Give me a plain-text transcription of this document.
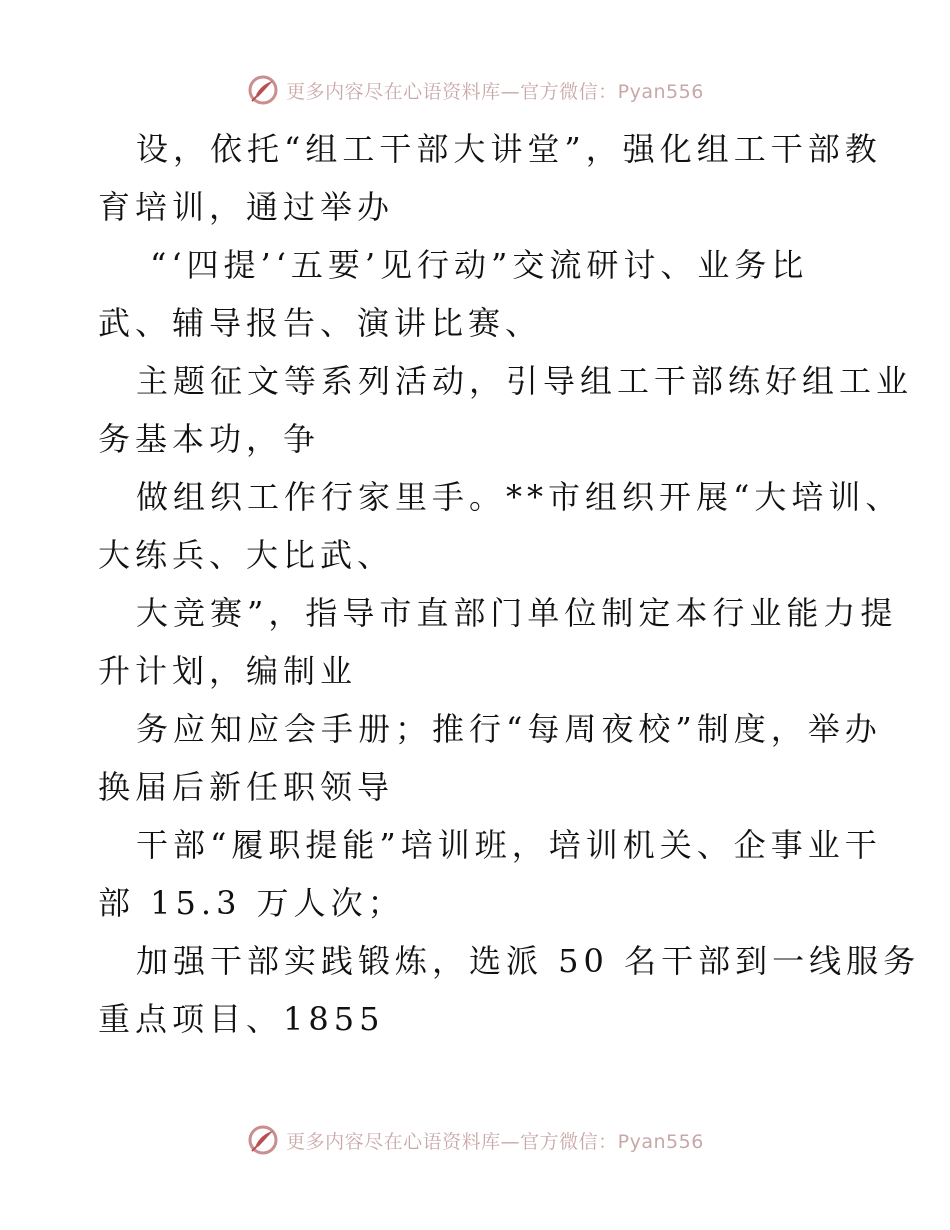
更多内容尽在心语资料库—官方微信：Pyan556
设，依托“组工干部大讲堂”，强化组工干部教
育培训，通过举办
“‘四提’‘五要’见行动”交流研讨、业务比
武、辅导报告、演讲比赛、
主题征文等系列活动，引导组工干部练好组工业
务基本功，争
做组织工作行家里手。**市组织开展“大培训、
大练兵、大比武、
大竞赛”，指导市直部门单位制定本行业能力提
升计划，编制业
务应知应会手册；推行“每周夜校”制度，举办
换届后新任职领导
干部“履职提能”培训班，培训机关、企事业干
部 15.3 万人次；
加强干部实践锻炼，选派 50 名干部到一线服务
重点项目、1855
更多内容尽在心语资料库—官方微信：Pyan556
